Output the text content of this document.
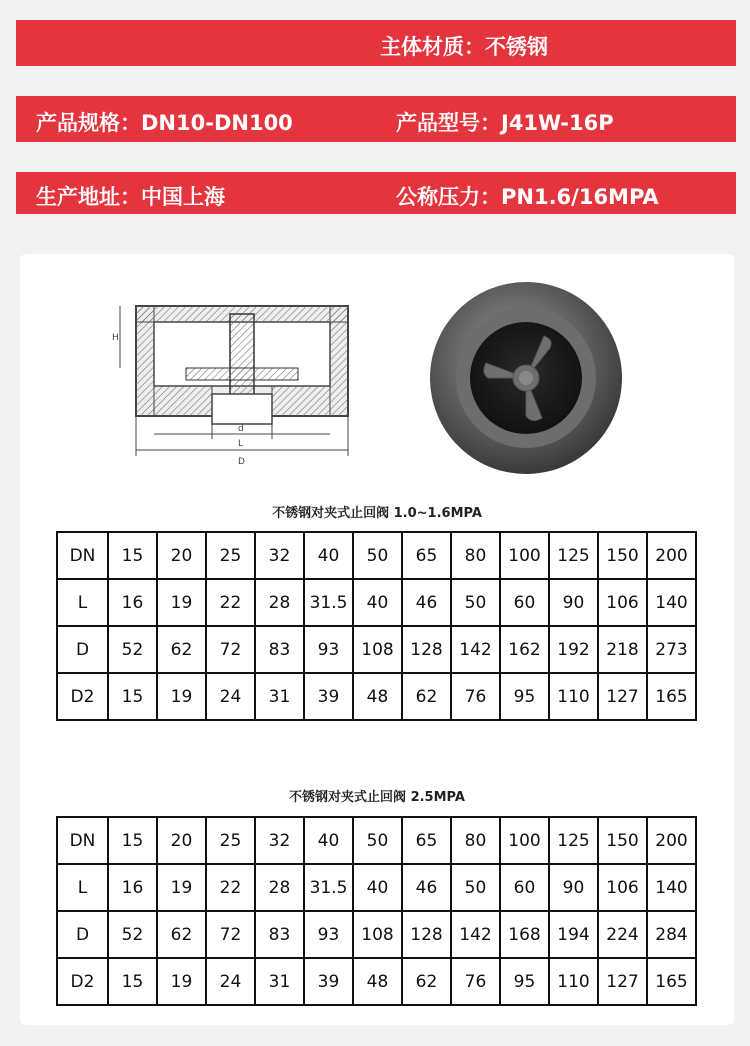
主体材质：不锈钢
产品规格：DN10-DN100	产品型号：J41W-16P
生产地址：中国上海	公称压力：PN1.6/16MPA
H
d
L
D
不锈钢对夹式止回阀 1.0~1.6MPA
DN	15	20	25	32	40	50	65	80	100	125	150	200
L	16	19	22	28	31.5	40	46	50	60	90	106	140
D	52	62	72	83	93	108	128	142	162	192	218	273
D2	15	19	24	31	39	48	62	76	95	110	127	165
不锈钢对夹式止回阀 2.5MPA
DN	15	20	25	32	40	50	65	80	100	125	150	200
L	16	19	22	28	31.5	40	46	50	60	90	106	140
D	52	62	72	83	93	108	128	142	168	194	224	284
D2	15	19	24	31	39	48	62	76	95	110	127	165
